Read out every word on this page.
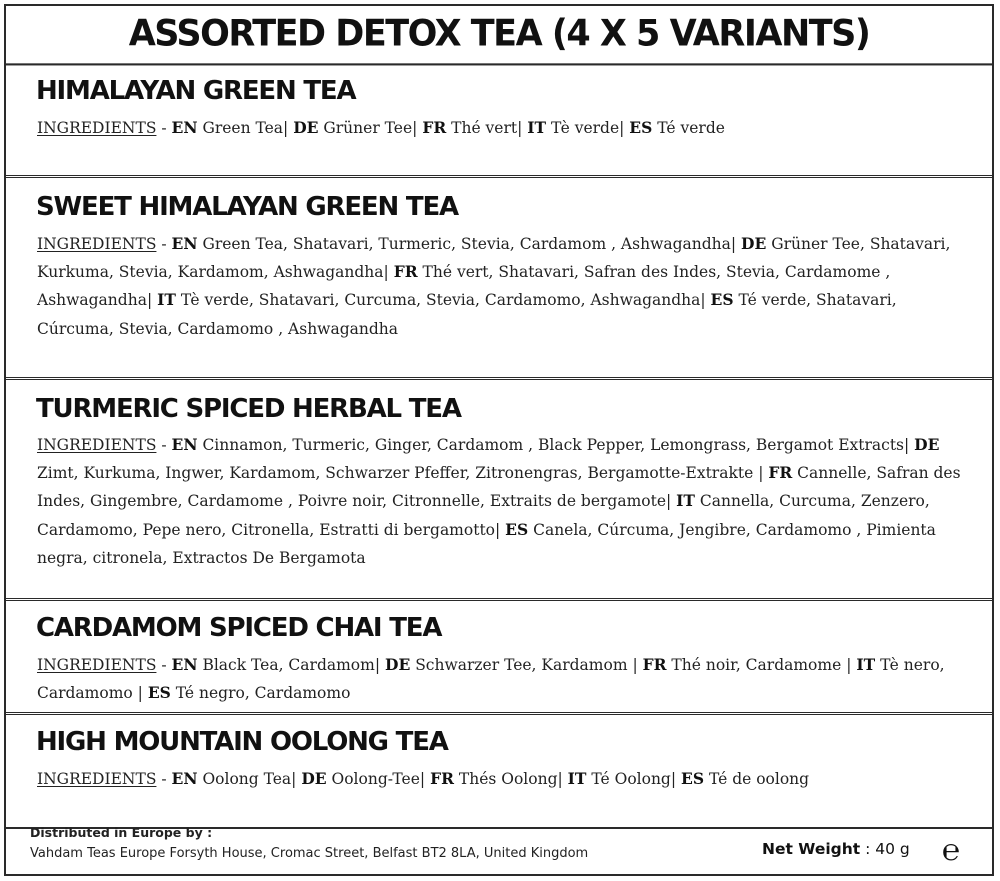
ASSORTED DETOX TEA (4 X 5 VARIANTS)
HIMALAYAN GREEN TEA
INGREDIENTS - EN Green Tea| DE Grüner Tee| FR Thé vert| IT Tè verde| ES Té verde
SWEET HIMALAYAN GREEN TEA
INGREDIENTS - EN Green Tea, Shatavari, Turmeric, Stevia, Cardamom , Ashwagandha| DE Grüner Tee, Shatavari, Kurkuma, Stevia, Kardamom, Ashwagandha| FR Thé vert, Shatavari, Safran des Indes, Stevia, Cardamome , Ashwagandha| IT Tè verde, Shatavari, Curcuma, Stevia, Cardamomo, Ashwagandha| ES Té verde, Shatavari, Cúrcuma, Stevia, Cardamomo , Ashwagandha
TURMERIC SPICED HERBAL TEA
INGREDIENTS - EN Cinnamon, Turmeric, Ginger, Cardamom , Black Pepper, Lemongrass, Bergamot Extracts| DE Zimt, Kurkuma, Ingwer, Kardamom, Schwarzer Pfeffer, Zitronengras, Bergamotte-Extrakte | FR Cannelle, Safran des Indes, Gingembre, Cardamome , Poivre noir, Citronnelle, Extraits de bergamote| IT Cannella, Curcuma, Zenzero, Cardamomo, Pepe nero, Citronella, Estratti di bergamotto| ES Canela, Cúrcuma, Jengibre, Cardamomo , Pimienta negra, citronela, Extractos De Bergamota
CARDAMOM SPICED CHAI TEA
INGREDIENTS - EN Black Tea, Cardamom| DE Schwarzer Tee, Kardamom | FR Thé noir, Cardamome | IT Tè nero, Cardamomo | ES Té negro, Cardamomo
HIGH MOUNTAIN OOLONG TEA
INGREDIENTS - EN Oolong Tea| DE Oolong-Tee| FR Thés Oolong| IT Té Oolong| ES Té de oolong
Distributed in Europe by :
Vahdam Teas Europe Forsyth House, Cromac Street, Belfast BT2 8LA, United Kingdom	Net Weight : 40 g ℮
